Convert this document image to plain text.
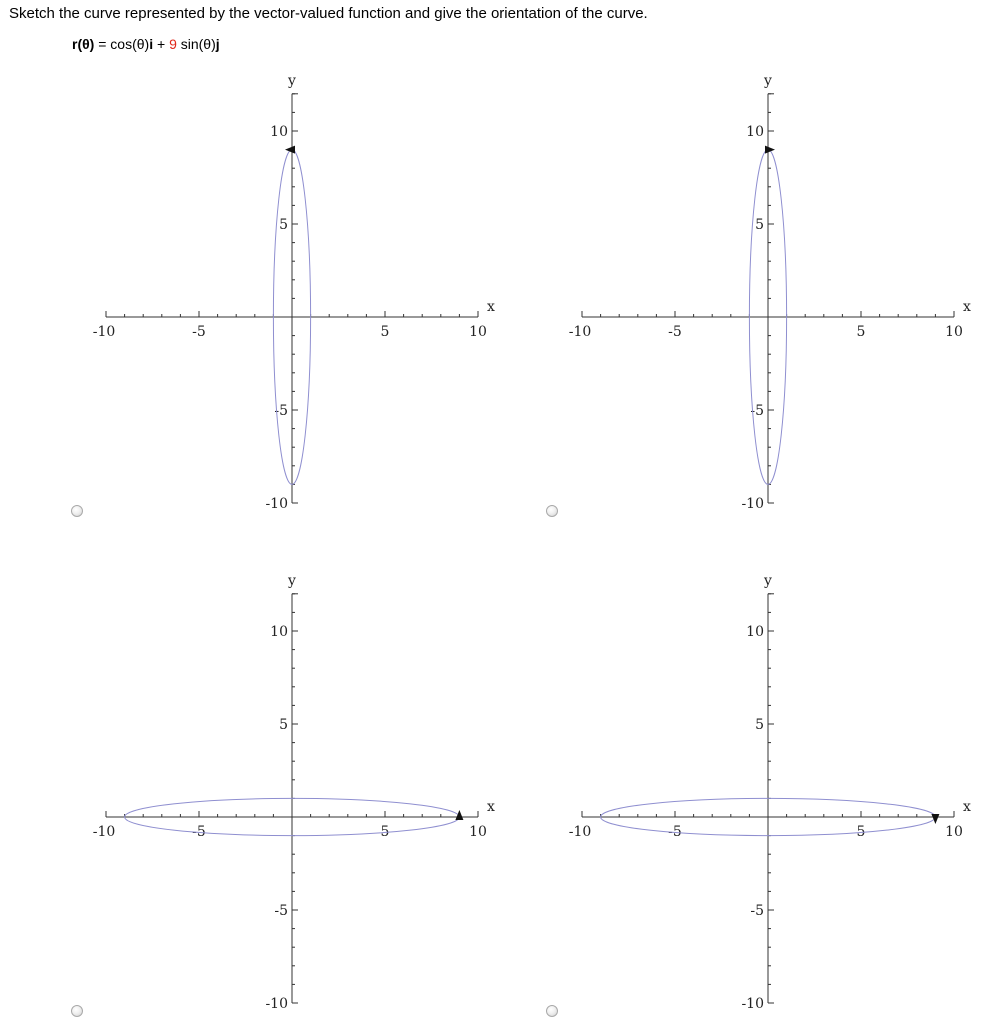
Sketch the curve represented by the vector-valued function and give the orientation of the curve.
r(θ) = cos(θ)i + 9 sin(θ)j
-10	-5	5	10
10
5
-5
-10
x
y
-10	-5	5	10
10
5
-5
-10
x
y
-10	-5	5	10
10
5
-5
-10
x
y
-10	-5	5	10
10
5
-5
-10
x
y
